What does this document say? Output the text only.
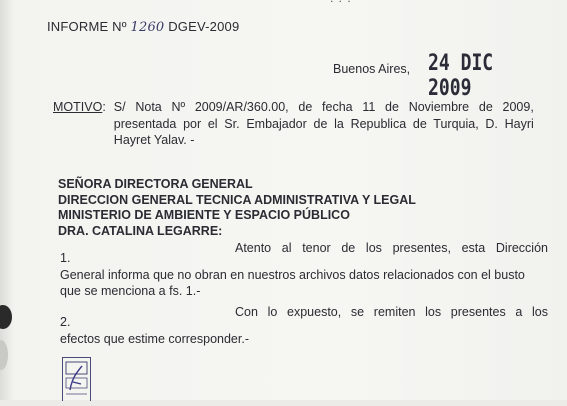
INFORME Nº 1260 DGEV-2009
Buenos Aires, 24 DIC 2009
MOTIVO : S/ Nota Nº 2009/AR/360.00, de fecha 11 de Noviembre de 2009, presentada por el Sr. Embajador de la Republica de Turquia, D. Hayri Hayret Yalav. -
SEÑORA DIRECTORA GENERAL
DIRECCION GENERAL TECNICA ADMINISTRATIVA Y LEGAL
MINISTERIO DE AMBIENTE Y ESPACIO PÚBLICO
DRA. CATALINA LEGARRE:
1.
Atento al tenor de los presentes, esta Dirección
General informa que no obran en nuestros archivos datos relacionados con el busto
que se menciona a fs. 1.-
2.
Con lo expuesto, se remiten los presentes a los
efectos que estime corresponder.-
